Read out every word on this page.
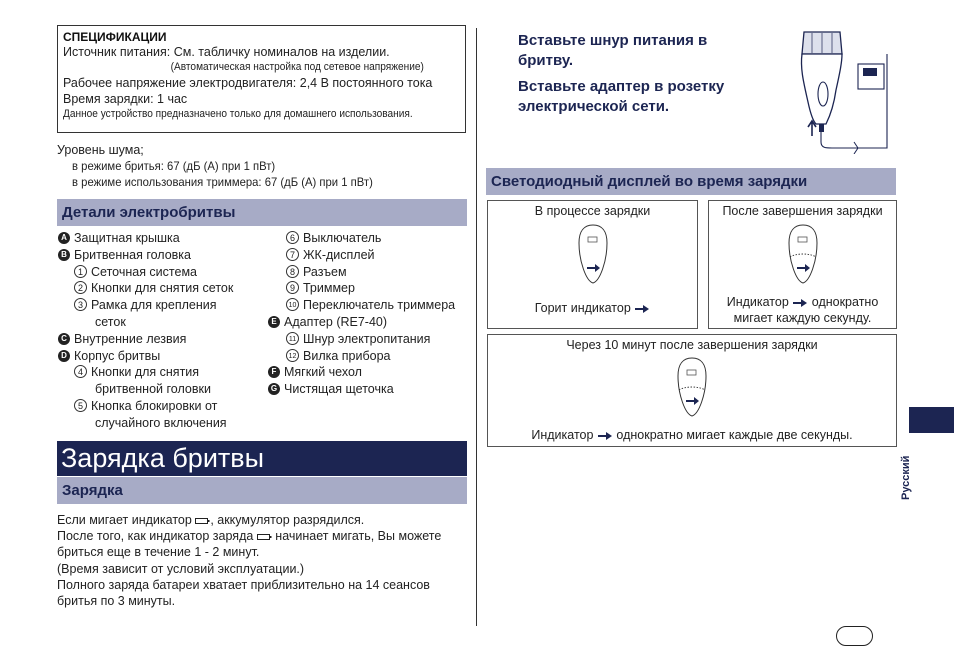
СПЕЦИФИКАЦИИ
Источник питания: См. табличку номиналов на изделии.
(Автоматическая настройка под сетевое напряжение)
Рабочее напряжение электродвигателя: 2,4 В постоянного тока
Время зарядки: 1 час
Данное устройство предназначено только для домашнего использования.
Уровень шума;
в режиме бритья: 67 (дБ (А) при 1 пВт)
в режиме использования триммера: 67 (дБ (А) при 1 пВт)
Детали электробритвы
A Защитная крышка
B Бритвенная головка
1 Сеточная система
2 Кнопки для снятия сеток
3 Рамка для крепления
сеток
C Внутренние лезвия
D Корпус бритвы
4 Кнопки для снятия
бритвенной головки
5 Кнопка блокировки от
случайного включения
6 Выключатель
7 ЖК-дисплей
8 Разъем
9 Триммер
10 Переключатель триммера
E Адаптер (RE7-40)
11 Шнур электропитания
12 Вилка прибора
F Мягкий чехол
G Чистящая щеточка
Зарядка бритвы
Зарядка
Если мигает индикатор , аккумулятор разрядился.
После того, как индикатор заряда начинает мигать, Вы можете
бриться еще в течение 1 - 2 минут.
(Время зависит от условий эксплуатации.)
Полного заряда батареи хватает приблизительно на 14 сеансов
бритья по 3 минуты.
Вставьте шнур питания в
бритву.
Вставьте адаптер в розетку
электрической сети.
Светодиодный дисплей во время зарядки
В процессе зарядки
Горит индикатор
После завершения зарядки
Индикатор однократно
мигает каждую секунду.
Через 10 минут после завершения зарядки
Индикатор однократно мигает каждые две секунды.
Русский
